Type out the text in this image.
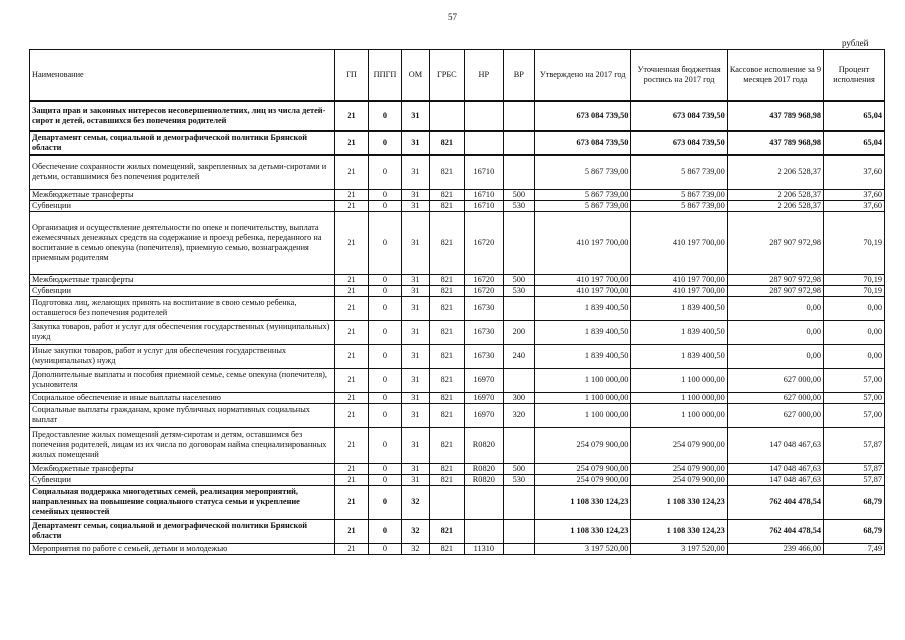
57
рублей
Наименование	ГП	ППГП	ОМ	ГРБС	НР	ВР	Утверждено на 2017 год	Уточненная бюджетная роспись на 2017 год	Кассовое исполнение за 9 месяцев 2017 года	Процент исполнения
Защита прав и законных интересов несовершеннолетних, лиц из числа детей-сирот и детей, оставшихся без попечения родителей	21	0	31				673 084 739,50	673 084 739,50	437 789 968,98	65,04
Департамент семьи, социальной и демографической политики Брянской области	21	0	31	821			673 084 739,50	673 084 739,50	437 789 968,98	65,04
Обеспечение сохранности жилых помещений, закрепленных за детьми-сиротами и детьми, оставшимися без попечения родителей	21	0	31	821	16710		5 867 739,00	5 867 739,00	2 206 528,37	37,60
Межбюджетные трансферты	21	0	31	821	16710	500	5 867 739,00	5 867 739,00	2 206 528,37	37,60
Субвенции	21	0	31	821	16710	530	5 867 739,00	5 867 739,00	2 206 528,37	37,60
Организация и осуществление деятельности по опеке и попечительству, выплата ежемесячных денежных средств на содержание и проезд ребенка, переданного на воспитание в семью опекуна (попечителя), приемную семью, вознаграждения приемным родителям	21	0	31	821	16720		410 197 700,00	410 197 700,00	287 907 972,98	70,19
Межбюджетные трансферты	21	0	31	821	16720	500	410 197 700,00	410 197 700,00	287 907 972,98	70,19
Субвенции	21	0	31	821	16720	530	410 197 700,00	410 197 700,00	287 907 972,98	70,19
Подготовка лиц, желающих принять на воспитание в свою семью ребенка, оставшегося без попечения родителей	21	0	31	821	16730		1 839 400,50	1 839 400,50	0,00	0,00
Закупка товаров, работ и услуг для обеспечения государственных (муниципальных) нужд	21	0	31	821	16730	200	1 839 400,50	1 839 400,50	0,00	0,00
Иные закупки товаров, работ и услуг для обеспечения государственных (муниципальных) нужд	21	0	31	821	16730	240	1 839 400,50	1 839 400,50	0,00	0,00
Дополнительные выплаты и пособия приемной семье, семье опекуна (попечителя), усыновителя	21	0	31	821	16970		1 100 000,00	1 100 000,00	627 000,00	57,00
Социальное обеспечение и иные выплаты населению	21	0	31	821	16970	300	1 100 000,00	1 100 000,00	627 000,00	57,00
Социальные выплаты гражданам, кроме публичных нормативных социальных выплат	21	0	31	821	16970	320	1 100 000,00	1 100 000,00	627 000,00	57,00
Предоставление жилых помещений детям-сиротам и детям, оставшимся без попечения родителей, лицам из их числа по договорам найма специализированных жилых помещений	21	0	31	821	R0820		254 079 900,00	254 079 900,00	147 048 467,63	57,87
Межбюджетные трансферты	21	0	31	821	R0820	500	254 079 900,00	254 079 900,00	147 048 467,63	57,87
Субвенции	21	0	31	821	R0820	530	254 079 900,00	254 079 900,00	147 048 467,63	57,87
Социальная поддержка многодетных семей, реализация мероприятий, направленных на повышение социального статуса семьи и укрепление семейных ценностей	21	0	32				1 108 330 124,23	1 108 330 124,23	762 404 478,54	68,79
Департамент семьи, социальной и демографической политики Брянской области	21	0	32	821			1 108 330 124,23	1 108 330 124,23	762 404 478,54	68,79
Мероприятия по работе с семьей, детьми и молодежью	21	0	32	821	11310		3 197 520,00	3 197 520,00	239 466,00	7,49
